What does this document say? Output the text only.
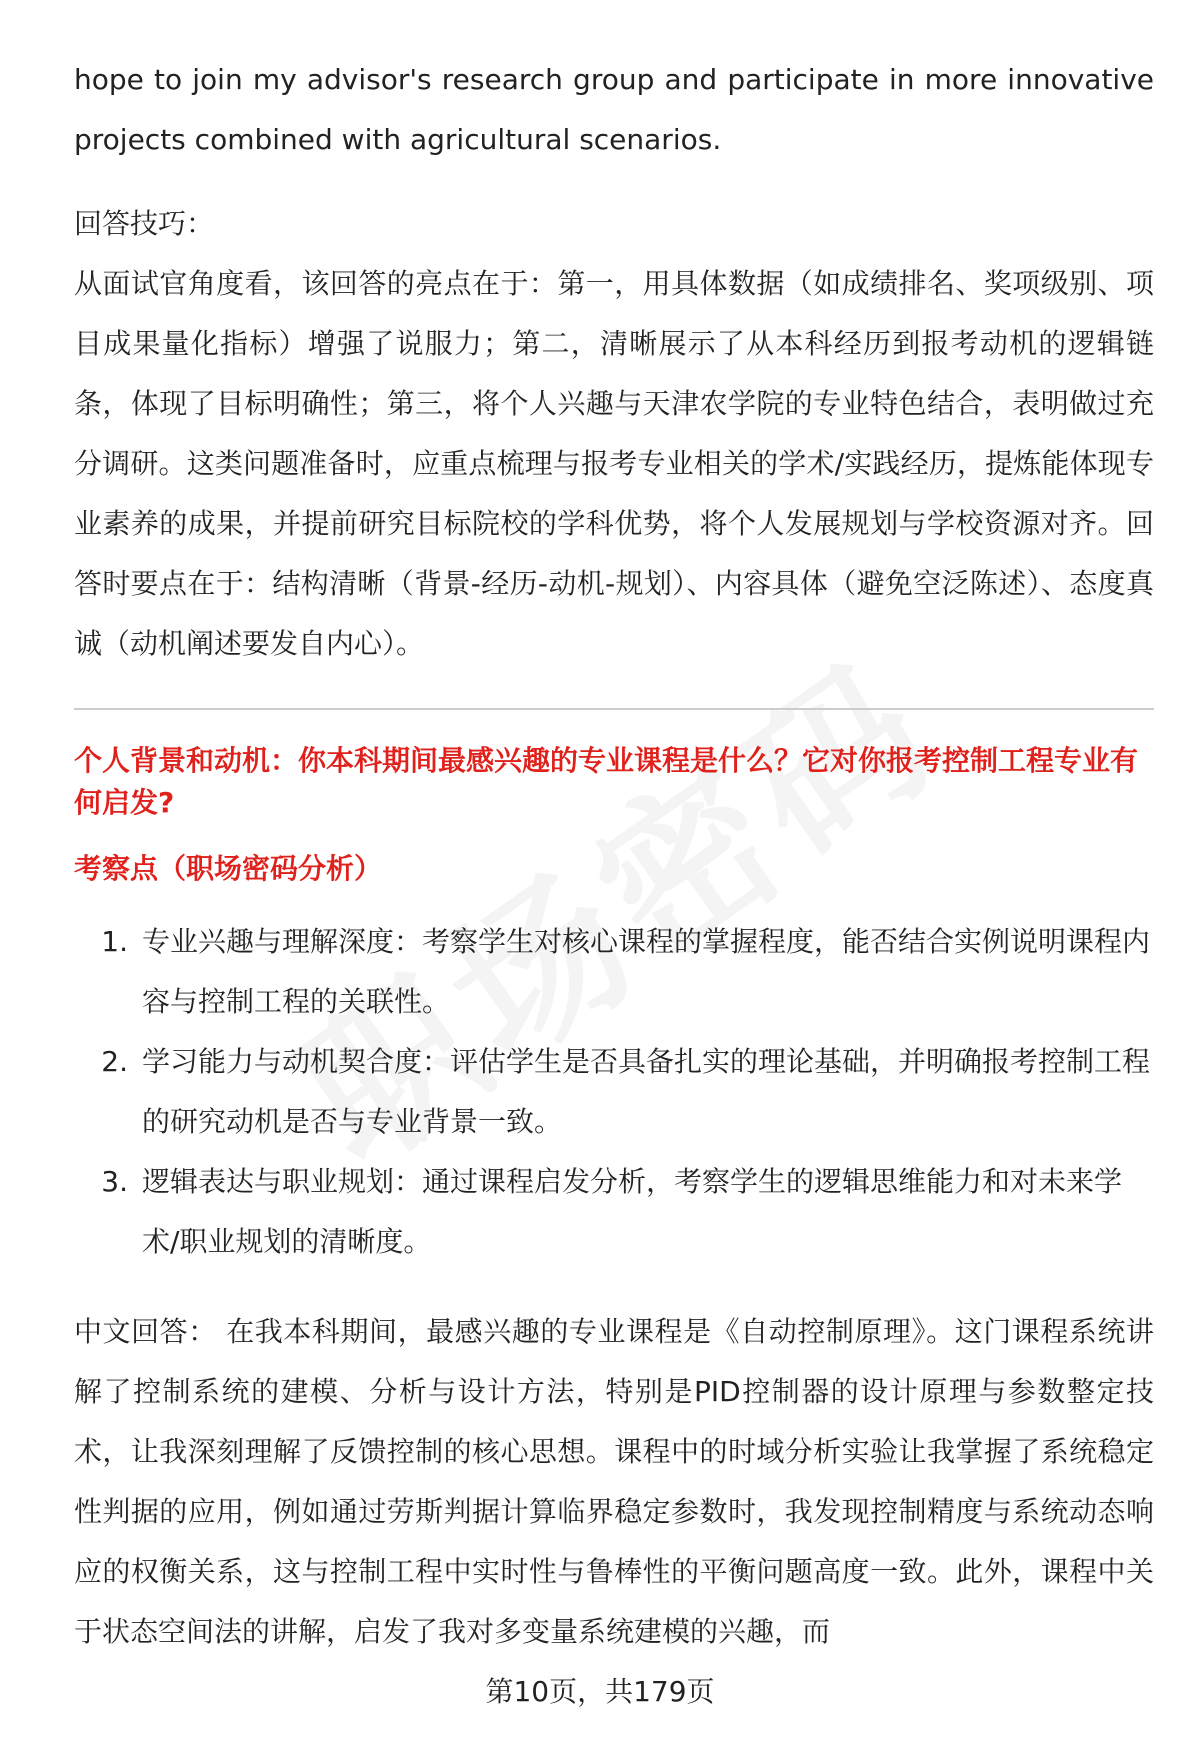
hope to join my advisor's research group and participate in more innovative projects combined with agricultural scenarios.

回答技巧：

从面试官角度看，该回答的亮点在于：第一，用具体数据（如成绩排名、奖项级别、项目成果量化指标）增强了说服力；第二，清晰展示了从本科经历到报考动机的逻辑链条，体现了目标明确性；第三，将个人兴趣与天津农学院的专业特色结合，表明做过充分调研。这类问题准备时，应重点梳理与报考专业相关的学术/实践经历，提炼能体现专业素养的成果，并提前研究目标院校的学科优势，将个人发展规划与学校资源对齐。回答时要点在于：结构清晰（背景-经历-动机-规划）、内容具体（避免空泛陈述）、态度真诚（动机阐述要发自内心）。

个人背景和动机：你本科期间最感兴趣的专业课程是什么？它对你报考控制工程专业有何启发?

考察点（职场密码分析）

1. 专业兴趣与理解深度：考察学生对核心课程的掌握程度，能否结合实例说明课程内容与控制工程的关联性。
2. 学习能力与动机契合度：评估学生是否具备扎实的理论基础，并明确报考控制工程的研究动机是否与专业背景一致。
3. 逻辑表达与职业规划：通过课程启发分析，考察学生的逻辑思维能力和对未来学术/职业规划的清晰度。

中文回答： 在我本科期间，最感兴趣的专业课程是《自动控制原理》。这门课程系统讲解了控制系统的建模、分析与设计方法，特别是PID控制器的设计原理与参数整定技术，让我深刻理解了反馈控制的核心思想。课程中的时域分析实验让我掌握了系统稳定性判据的应用，例如通过劳斯判据计算临界稳定参数时，我发现控制精度与系统动态响应的权衡关系，这与控制工程中实时性与鲁棒性的平衡问题高度一致。此外，课程中关于状态空间法的讲解，启发了我对多变量系统建模的兴趣，而

第10页，共179页
